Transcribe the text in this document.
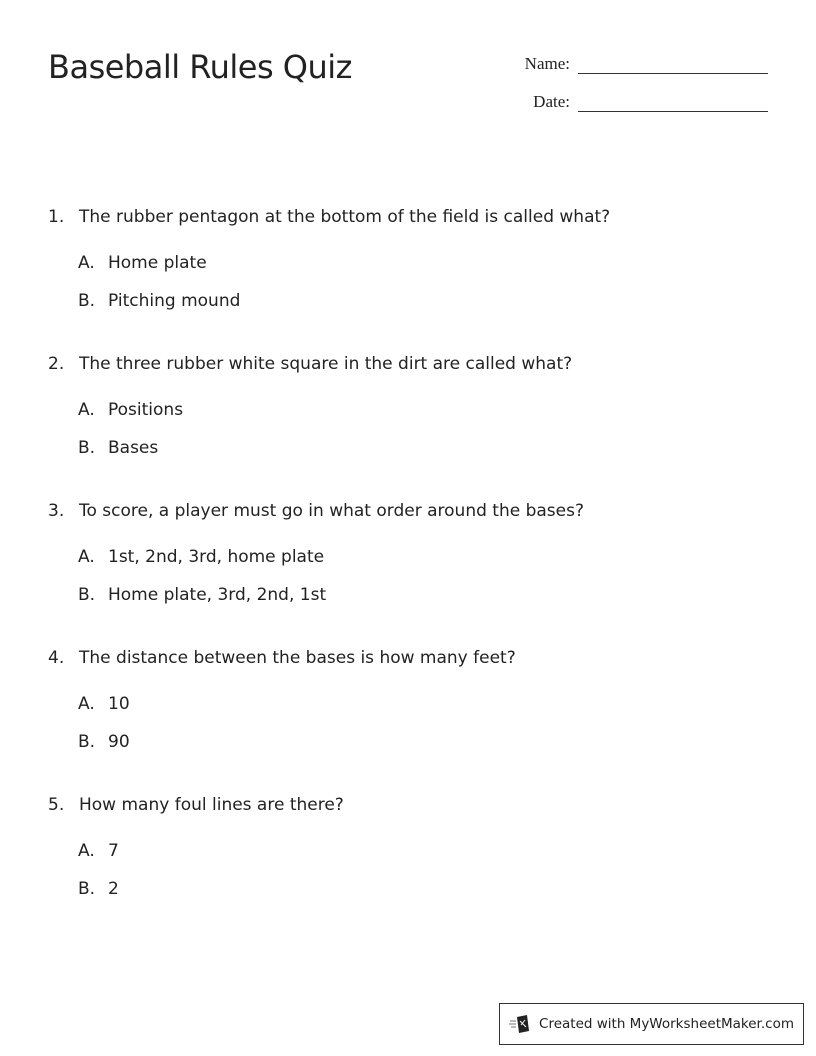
Baseball Rules Quiz	Name:
Date:
1. The rubber pentagon at the bottom of the field is called what?
A. Home plate
B. Pitching mound
2. The three rubber white square in the dirt are called what?
A. Positions
B. Bases
3. To score, a player must go in what order around the bases?
A. 1st, 2nd, 3rd, home plate
B. Home plate, 3rd, 2nd, 1st
4. The distance between the bases is how many feet?
A. 10
B. 90
5. How many foul lines are there?
A. 7
B. 2
Created with MyWorksheetMaker.com
